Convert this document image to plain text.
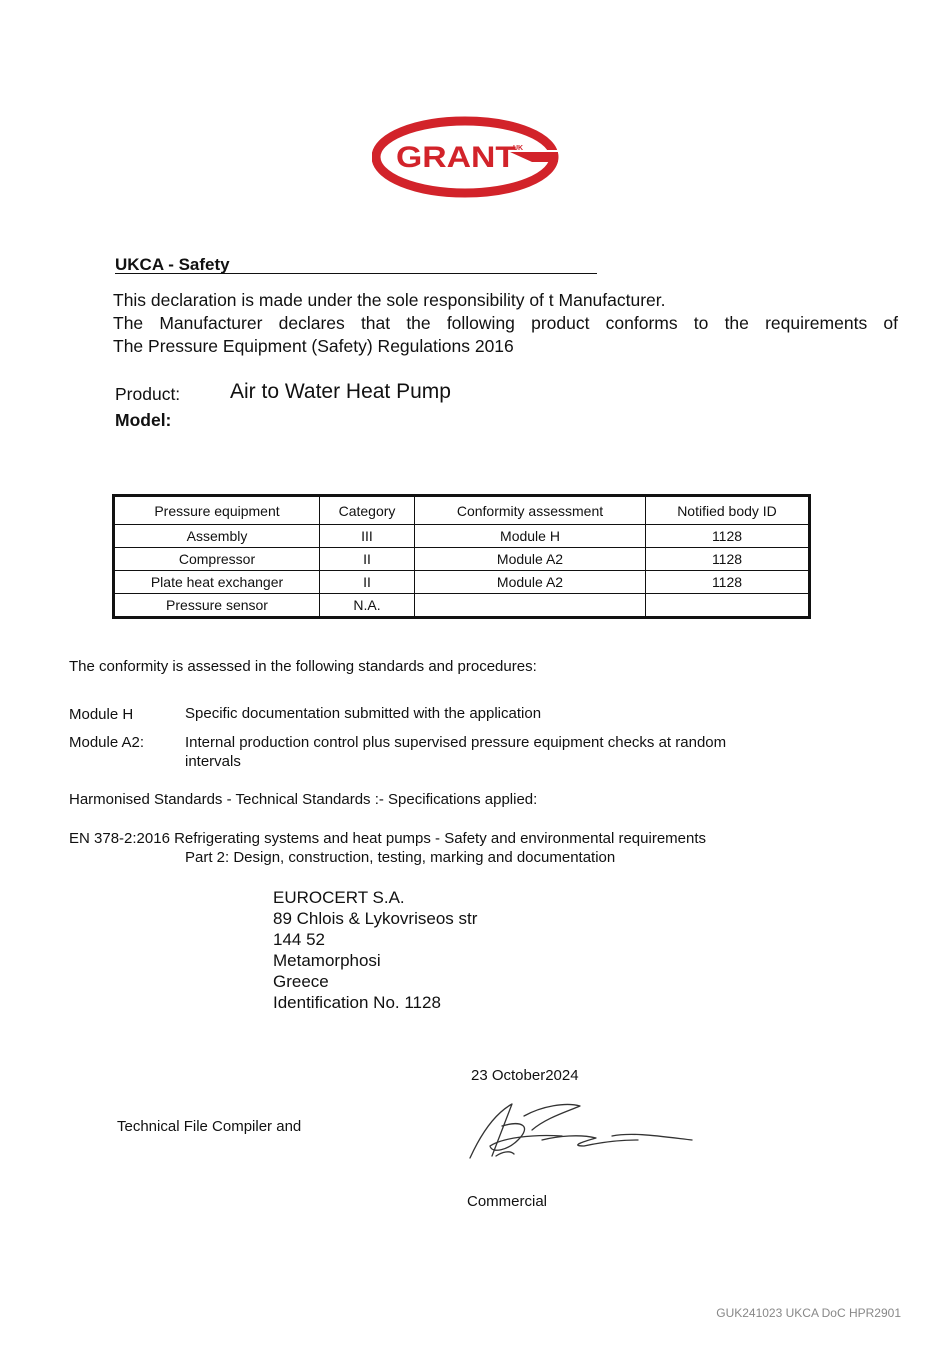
GRANT
UK
UKCA - Safety
This declaration is made under the sole responsibility of t Manufacturer.
The Manufacturer declares that the following product conforms to the requirements of
The Pressure Equipment (Safety) Regulations 2016
Product: Air to Water Heat Pump
Model:
Pressure equipment	Category	Conformity assessment	Notified body ID
Assembly	III	Module H	1128
Compressor	II	Module A2	1128
Plate heat exchanger	II	Module A2	1128
Pressure sensor	N.A.		
The conformity is assessed in the following standards and procedures:
Module H	Specific documentation submitted with the application
Module A2:	Internal production control plus supervised pressure equipment checks at random
intervals
Harmonised Standards - Technical Standards :- Specifications applied:
EN 378-2:2016 Refrigerating systems and heat pumps - Safety and environmental requirements
Part 2: Design, construction, testing, marking and documentation
EUROCERT S.A.
89 Chlois & Lykovriseos str
144 52
Metamorphosi
Greece
Identification No. 1128
23 October2024
Technical File Compiler and
Commercial
GUK241023 UKCA DoC HPR2901
